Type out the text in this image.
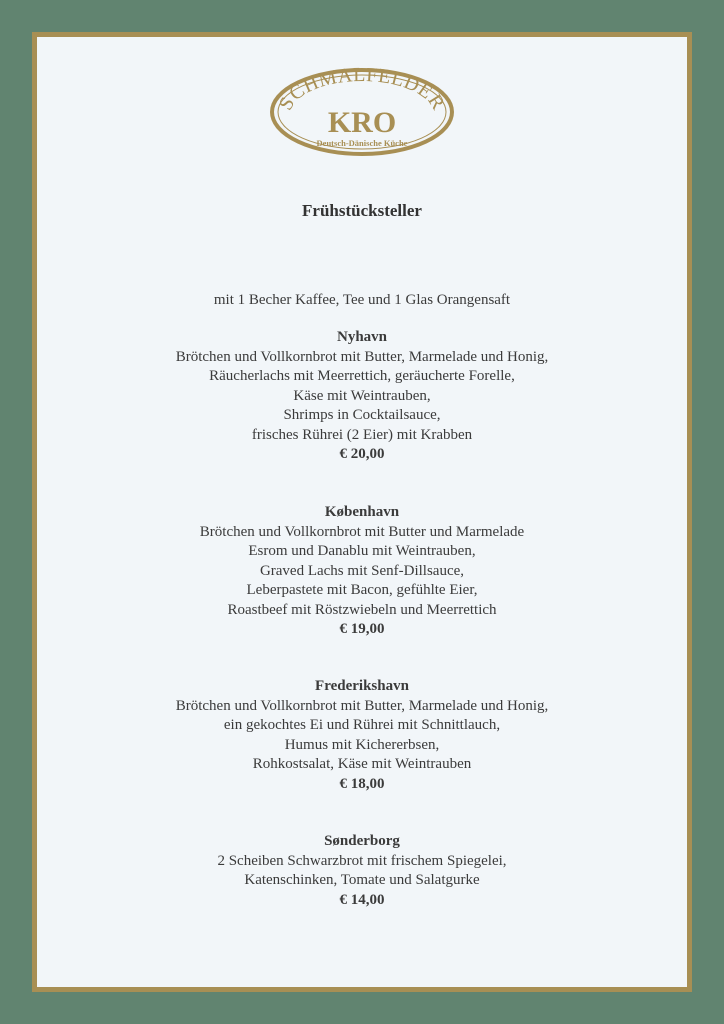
SCHMALFELDER
KRO
Deutsch-Dänische Küche
Frühstücksteller
mit 1 Becher Kaffee, Tee und 1 Glas Orangensaft
Nyhavn
Brötchen und Vollkornbrot mit Butter, Marmelade und Honig,
Räucherlachs mit Meerrettich, geräucherte Forelle,
Käse mit Weintrauben,
Shrimps in Cocktailsauce,
frisches Rührei (2 Eier) mit Krabben
€ 20,00
København
Brötchen und Vollkornbrot mit Butter und Marmelade
Esrom und Danablu mit Weintrauben,
Graved Lachs mit Senf-Dillsauce,
Leberpastete mit Bacon, gefühlte Eier,
Roastbeef mit Röstzwiebeln und Meerrettich
€ 19,00
Frederikshavn
Brötchen und Vollkornbrot mit Butter, Marmelade und Honig,
ein gekochtes Ei und Rührei mit Schnittlauch,
Humus mit Kichererbsen,
Rohkostsalat, Käse mit Weintrauben
€ 18,00
Sønderborg
2 Scheiben Schwarzbrot mit frischem Spiegelei,
Katenschinken, Tomate und Salatgurke
€ 14,00
